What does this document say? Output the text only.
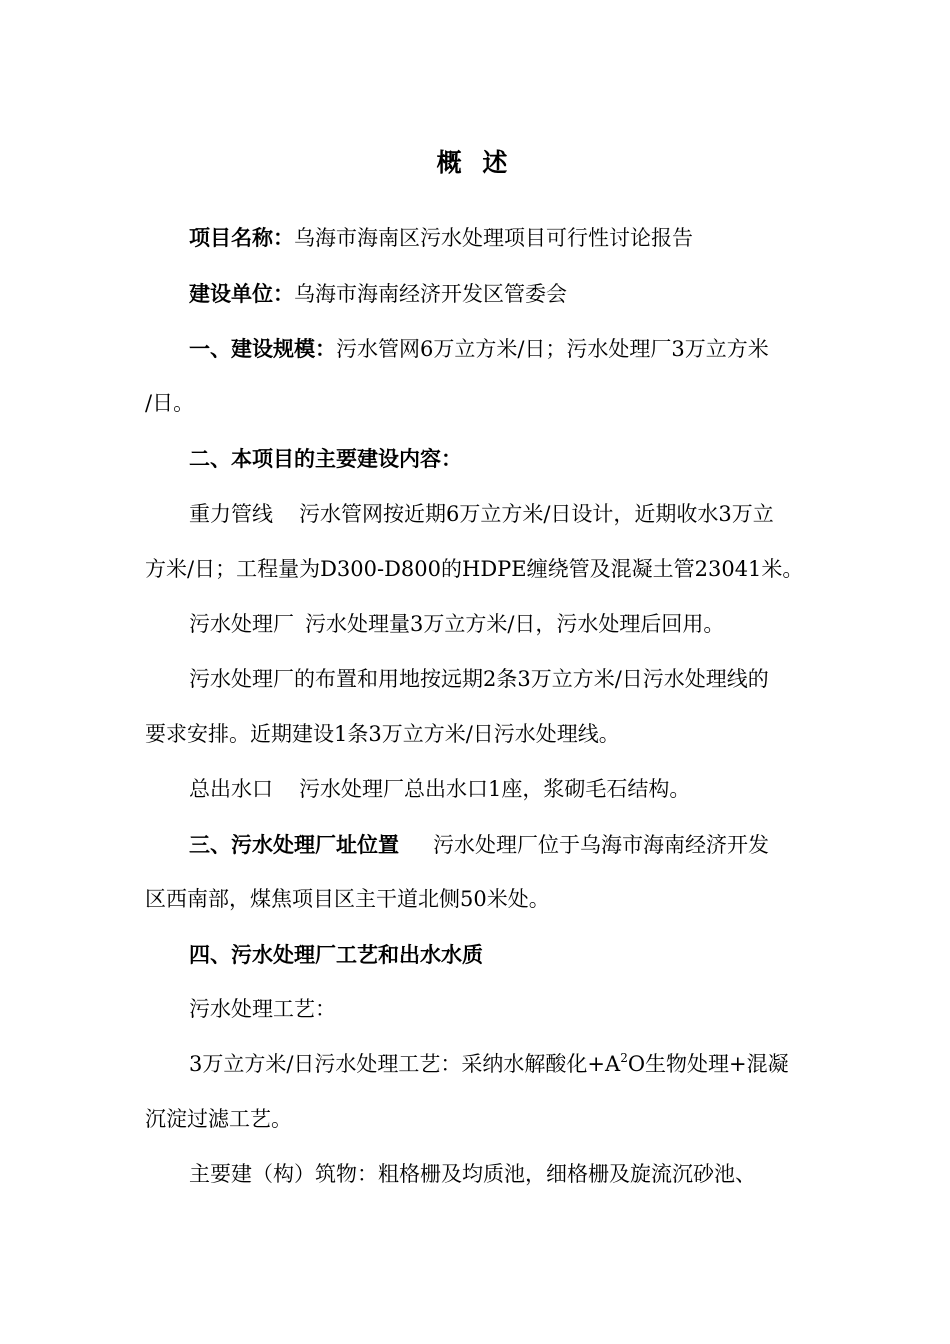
概 述
项目名称：乌海市海南区污水处理项目可行性讨论报告
建设单位：乌海市海南经济开发区管委会
一、建设规模：污水管网6万立方米/日；污水处理厂3万立方米
/日。
二、本项目的主要建设内容：
重力管线 污水管网按近期6万立方米/日设计，近期收水3万立
方米/日；工程量为D300-D800的HDPE缠绕管及混凝土管23041米。
污水处理厂 污水处理量3万立方米/日，污水处理后回用。
污水处理厂的布置和用地按远期2条3万立方米/日污水处理线的
要求安排。近期建设1条3万立方米/日污水处理线。
总出水口 污水处理厂总出水口1座，浆砌毛石结构。
三、污水处理厂址位置 污水处理厂位于乌海市海南经济开发
区西南部，煤焦项目区主干道北侧50米处。
四、污水处理厂工艺和出水水质
污水处理工艺：
3万立方米/日污水处理工艺：采纳水解酸化$+A^2O$生物处理+混凝
沉淀过滤工艺。
主要建（构）筑物：粗格栅及均质池，细格栅及旋流沉砂池、
